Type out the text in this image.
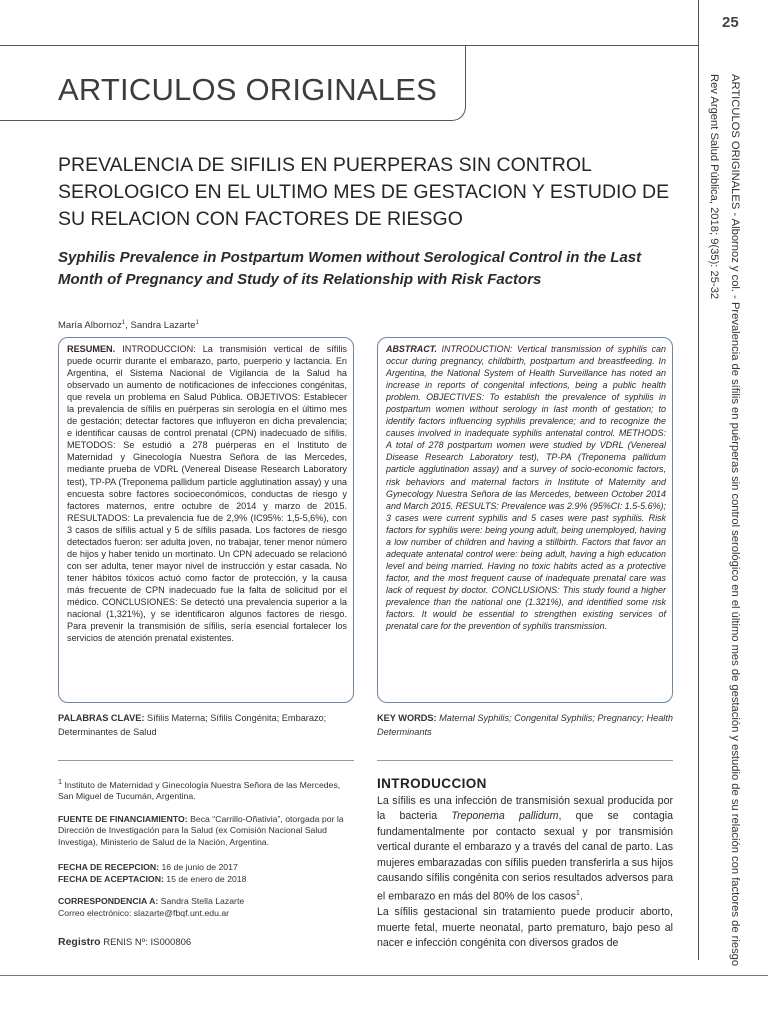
25
ARTICULOS ORIGINALES	ARTICULOS ORIGINALES - Albornoz y col. - Prevalencia de sífilis en puérperas sin control serológico en el último mes de gestación y estudio de su relación con factores de riesgo
Rev Argent Salud Pública, 2018; 9(35): 25-32
PREVALENCIA DE SIFILIS EN PUERPERAS SIN CONTROL SEROLOGICO EN EL ULTIMO MES DE GESTACION Y ESTUDIO DE SU RELACION CON FACTORES DE RIESGO
Syphilis Prevalence in Postpartum Women without Serological Control in the Last Month of Pregnancy and Study of its Relationship with Risk Factors
María Albornoz$^1$, Sandra Lazarte$^1$

RESUMEN. INTRODUCCION: La transmisión vertical de sífilis puede ocurrir durante el embarazo, parto, puerperio y lactancia. En Argentina, el Sistema Nacional de Vigilancia de la Salud ha observado un aumento de notificaciones de infecciones congénitas, que revela un problema en Salud Pública. OBJETIVOS: Establecer la prevalencia de sífilis en puérperas sin serología en el último mes de gestación; detectar factores que influyeron en dicha prevalencia; e identificar causas de control prenatal (CPN) inadecuado de sífilis. METODOS: Se estudió a 278 puérperas en el Instituto de Maternidad y Ginecología Nuestra Señora de las Mercedes, mediante prueba de VDRL (Venereal Disease Research Laboratory test), TP-PA (Treponema pallidum particle agglutination assay) y una encuesta sobre factores socioeconómicos, conductas de riesgo y factores maternos, entre octubre de 2014 y marzo de 2015. RESULTADOS: La prevalencia fue de 2,9% (IC95%: 1,5-5,6%), con 3 casos de sífilis actual y 5 de sífilis pasada. Los factores de riesgo detectados fueron: ser adulta joven, no trabajar, tener menor número de hijos y haber tenido un mortinato. Un CPN adecuado se relacionó con ser adulta, tener mayor nivel de instrucción y estar casada. No tener hábitos tóxicos actuó como factor de protección, y la causa más frecuente de CPN inadecuado fue la falta de solicitud por el médico. CONCLUSIONES: Se detectó una prevalencia superior a la nacional (1,321%), y se identificaron algunos factores de riesgo. Para prevenir la transmisión de sífilis, sería esencial fortalecer los servicios de atención prenatal existentes.

ABSTRACT. INTRODUCTION: Vertical transmission of syphilis can occur during pregnancy, childbirth, postpartum and breastfeeding. In Argentina, the National System of Health Surveillance has noted an increase in reports of congenital infections, being a public health problem. OBJECTIVES: To establish the prevalence of syphilis in postpartum women without serology in last month of gestation; to identify factors influencing syphilis prevalence; and to recognize the causes involved in inadequate syphilis antenatal control. METHODS: A total of 278 postpartum women were studied by VDRL (Venereal Disease Research Laboratory test), TP-PA (Treponema pallidum particle agglutination assay) and a survey of socio-economic factors, risk behaviors and maternal factors in Institute of Maternity and Gynecology Nuestra Señora de las Mercedes, between October 2014 and March 2015. RESULTS: Prevalence was 2.9% (95%CI: 1.5-5.6%); 3 cases were current syphilis and 5 cases were past syphilis. Risk factors for syphilis were: being young adult, being unemployed, having a low number of children and having a stillbirth. Factors that favor an adequate antenatal control were: being adult, having a high education level and being married. Having no toxic habits acted as a protective factor, and the most frequent cause of inadequate prenatal care was lack of request by doctor. CONCLUSIONS: This study found a higher prevalence than the national one (1.321%), and identified some risk factors. It would be essential to strengthen existing services of prenatal care for the prevention of syphilis transmission.

PALABRAS CLAVE: Sífilis Materna; Sífilis Congénita; Embarazo; Determinantes de Salud
KEY WORDS: Maternal Syphilis; Congenital Syphilis; Pregnancy; Health Determinants
$^1$ Instituto de Maternidad y Ginecología Nuestra Señora de las Mercedes, San Miguel de Tucumán, Argentina.
FUENTE DE FINANCIAMIENTO: Beca “Carrillo-Oñativia”, otorgada por la Dirección de Investigación para la Salud (ex Comisión Nacional Salud Investiga), Ministerio de Salud de la Nación, Argentina.
FECHA DE RECEPCION: 16 de junio de 2017
FECHA DE ACEPTACION: 15 de enero de 2018
CORRESPONDENCIA A: Sandra Stella Lazarte
Correo electrónico: slazarte@fbqf.unt.edu.ar
Registro RENIS Nº: IS000806
INTRODUCCION
La sífilis es una infección de transmisión sexual producida por la bacteria Treponema pallidum, que se contagia fundamentalmente por contacto sexual y por transmisión vertical durante el embarazo y a través del canal de parto. Las mujeres embarazadas con sífilis pueden transferirla a sus hijos causando sífilis congénita con serios resultados adversos para el embarazo en más del 80% de los casos$^1$.
La sífilis gestacional sin tratamiento puede producir aborto, muerte fetal, muerte neonatal, parto prematuro, bajo peso al nacer e infección congénita con diversos grados de
